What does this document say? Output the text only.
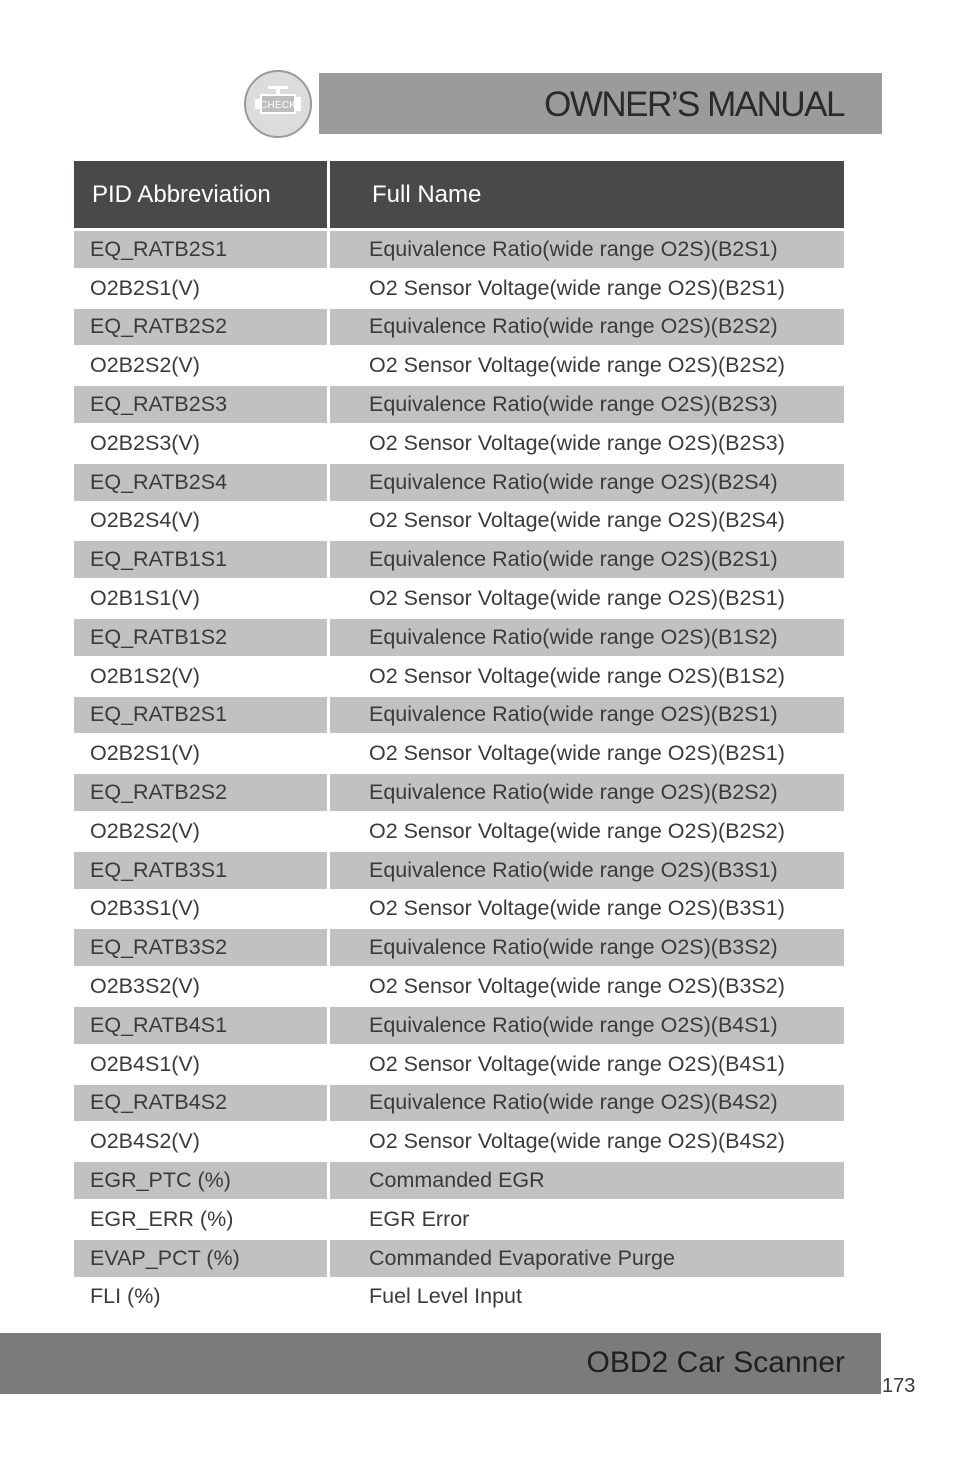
CHECK	OWNER’S MANUAL
PID Abbreviation	Full Name
EQ_RATB2S1	Equivalence Ratio(wide range O2S)(B2S1)
O2B2S1(V)	O2 Sensor Voltage(wide range O2S)(B2S1)
EQ_RATB2S2	Equivalence Ratio(wide range O2S)(B2S2)
O2B2S2(V)	O2 Sensor Voltage(wide range O2S)(B2S2)
EQ_RATB2S3	Equivalence Ratio(wide range O2S)(B2S3)
O2B2S3(V)	O2 Sensor Voltage(wide range O2S)(B2S3)
EQ_RATB2S4	Equivalence Ratio(wide range O2S)(B2S4)
O2B2S4(V)	O2 Sensor Voltage(wide range O2S)(B2S4)
EQ_RATB1S1	Equivalence Ratio(wide range O2S)(B2S1)
O2B1S1(V)	O2 Sensor Voltage(wide range O2S)(B2S1)
EQ_RATB1S2	Equivalence Ratio(wide range O2S)(B1S2)
O2B1S2(V)	O2 Sensor Voltage(wide range O2S)(B1S2)
EQ_RATB2S1	Equivalence Ratio(wide range O2S)(B2S1)
O2B2S1(V)	O2 Sensor Voltage(wide range O2S)(B2S1)
EQ_RATB2S2	Equivalence Ratio(wide range O2S)(B2S2)
O2B2S2(V)	O2 Sensor Voltage(wide range O2S)(B2S2)
EQ_RATB3S1	Equivalence Ratio(wide range O2S)(B3S1)
O2B3S1(V)	O2 Sensor Voltage(wide range O2S)(B3S1)
EQ_RATB3S2	Equivalence Ratio(wide range O2S)(B3S2)
O2B3S2(V)	O2 Sensor Voltage(wide range O2S)(B3S2)
EQ_RATB4S1	Equivalence Ratio(wide range O2S)(B4S1)
O2B4S1(V)	O2 Sensor Voltage(wide range O2S)(B4S1)
EQ_RATB4S2	Equivalence Ratio(wide range O2S)(B4S2)
O2B4S2(V)	O2 Sensor Voltage(wide range O2S)(B4S2)
EGR_PTC (%)	Commanded EGR
EGR_ERR (%)	EGR Error
EVAP_PCT (%)	Commanded Evaporative Purge
FLI (%)	Fuel Level Input
OBD2 Car Scanner
173
